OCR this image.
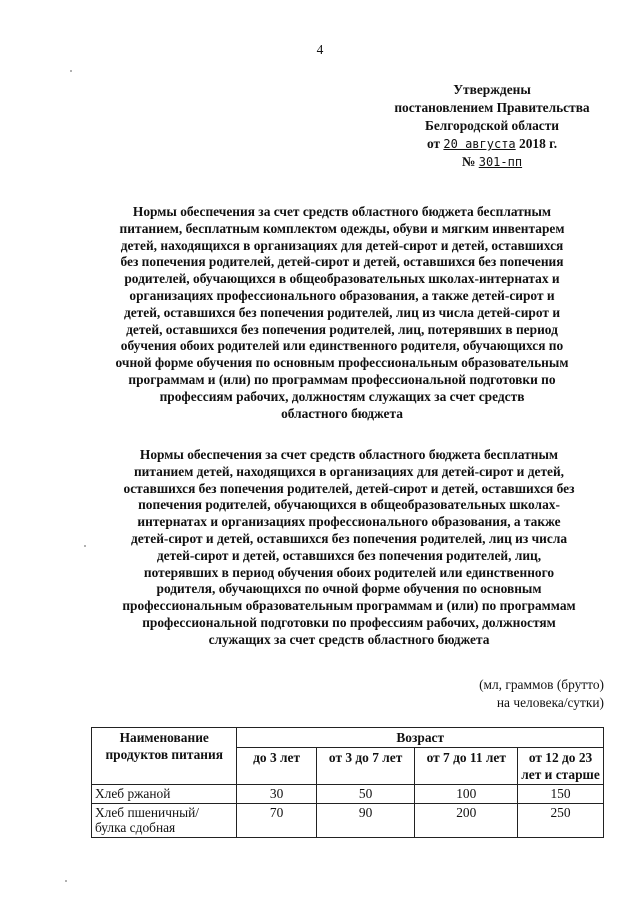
4
Утверждены
постановлением Правительства
Белгородской области
от 20 августа 2018 г.
№ 301-пп
Нормы обеспечения за счет средств областного бюджета бесплатным
питанием, бесплатным комплектом одежды, обуви и мягким инвентарем
детей, находящихся в организациях для детей-сирот и детей, оставшихся
без попечения родителей, детей-сирот и детей, оставшихся без попечения
родителей, обучающихся в общеобразовательных школах-интернатах и
организациях профессионального образования, а также детей-сирот и
детей, оставшихся без попечения родителей, лиц из числа детей-сирот и
детей, оставшихся без попечения родителей, лиц, потерявших в период
обучения обоих родителей или единственного родителя, обучающихся по
очной форме обучения по основным профессиональным образовательным
программам и (или) по программам профессиональной подготовки по
профессиям рабочих, должностям служащих за счет средств
областного бюджета
Нормы обеспечения за счет средств областного бюджета бесплатным
питанием детей, находящихся в организациях для детей-сирот и детей,
оставшихся без попечения родителей, детей-сирот и детей, оставшихся без
попечения родителей, обучающихся в общеобразовательных школах-
интернатах и организациях профессионального образования, а также
детей-сирот и детей, оставшихся без попечения родителей, лиц из числа
детей-сирот и детей, оставшихся без попечения родителей, лиц,
потерявших в период обучения обоих родителей или единственного
родителя, обучающихся по очной форме обучения по основным
профессиональным образовательным программам и (или) по программам
профессиональной подготовки по профессиям рабочих, должностям
служащих за счет средств областного бюджета
(мл, граммов (брутто)
на человека/сутки)
Наименование
продуктов питания	Возраст			
	до 3 лет	от 3 до 7 лет	от 7 до 11 лет	от 12 до 23 лет и старше
Хлеб ржаной	30	50	100	150
Хлеб пшеничный/ булка сдобная	70	90	200	250
